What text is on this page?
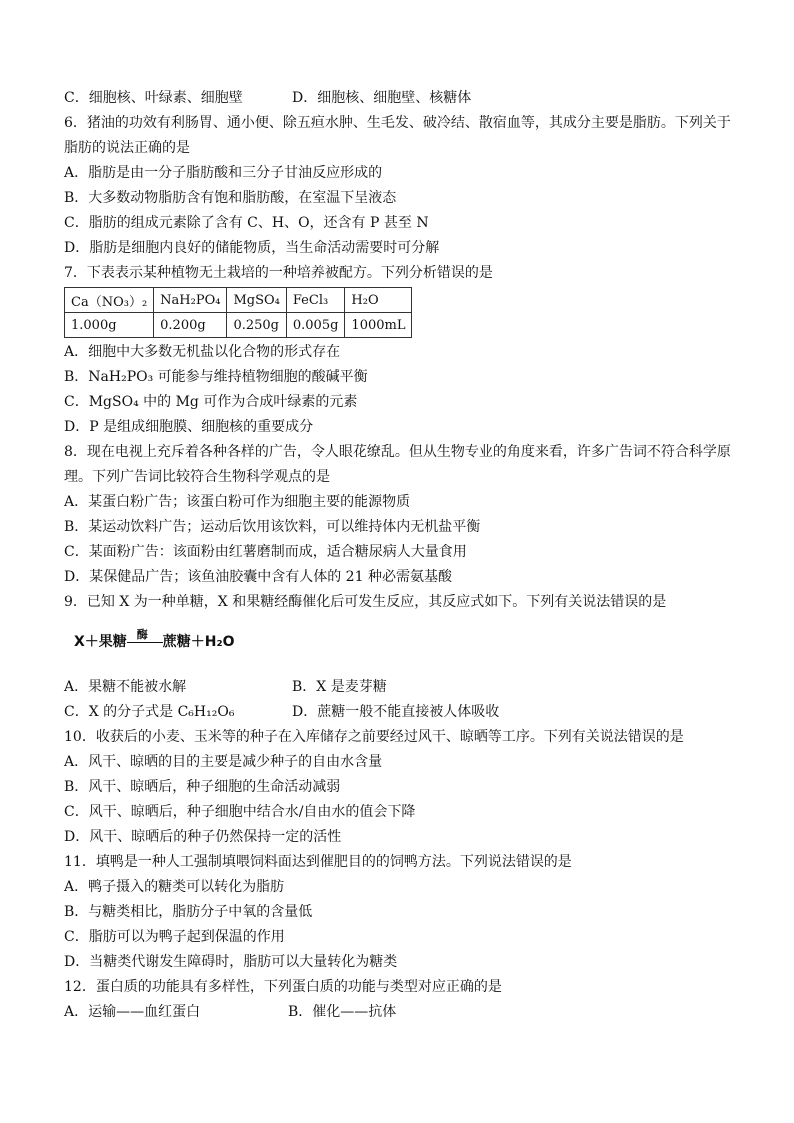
C．细胞核、叶绿素、细胞壁	D．细胞核、细胞壁、核糖体
6．猪油的功效有利肠胃、通小便、除五疸水肿、生毛发、破冷结、散宿血等，其成分主要是脂肪。下列关于
脂肪的说法正确的是
A．脂肪是由一分子脂肪酸和三分子甘油反应形成的
B．大多数动物脂肪含有饱和脂肪酸，在室温下呈液态
C．脂肪的组成元素除了含有 C、H、O，还含有 P 甚至 N
D．脂肪是细胞内良好的储能物质，当生命活动需要时可分解
7．下表表示某种植物无土栽培的一种培养被配方。下列分析错误的是
Ca（NO₃）₂	NaH₂PO₄	MgSO₄	FeCl₃	H₂O
1.000g	0.200g	0.250g	0.005g	1000mL
A．细胞中大多数无机盐以化合物的形式存在
B．NaH₂PO₃ 可能参与维持植物细胞的酸碱平衡
C．MgSO₄ 中的 Mg 可作为合成叶绿素的元素
D．P 是组成细胞膜、细胞核的重要成分
8．现在电视上充斥着各种各样的广告，令人眼花缭乱。但从生物专业的角度来看，许多广告词不符合科学原
理。下列广告词比较符合生物科学观点的是
A．某蛋白粉广告；该蛋白粉可作为细胞主要的能源物质
B．某运动饮料广告；运动后饮用该饮料，可以维持体内无机盐平衡
C．某面粉广告：该面粉由红薯磨制而成，适合糖尿病人大量食用
D．某保健品广告；该鱼油胶囊中含有人体的 21 种必需氨基酸
9．已知 X 为一种单糖，X 和果糖经酶催化后可发生反应，其反应式如下。下列有关说法错误的是
X＋果糖 酶 蔗糖＋H₂O
A．果糖不能被水解	B．X 是麦芽糖
C．X 的分子式是 C₆H₁₂O₆	D．蔗糖一般不能直接被人体吸收
10．收获后的小麦、玉米等的种子在入库储存之前要经过风干、晾晒等工序。下列有关说法错误的是
A．风干、晾晒的目的主要是减少种子的自由水含量
B．风干、晾晒后，种子细胞的生命活动减弱
C．风干、晾晒后，种子细胞中结合水/自由水的值会下降
D．风干、晾晒后的种子仍然保持一定的活性
11．填鸭是一种人工强制填喂饲料面达到催肥目的的饲鸭方法。下列说法错误的是
A．鸭子摄入的糖类可以转化为脂肪
B．与糖类相比，脂肪分子中氧的含量低
C．脂肪可以为鸭子起到保温的作用
D．当糖类代谢发生障碍时，脂肪可以大量转化为糖类
12．蛋白质的功能具有多样性，下列蛋白质的功能与类型对应正确的是
A．运输——血红蛋白	B．催化——抗体
